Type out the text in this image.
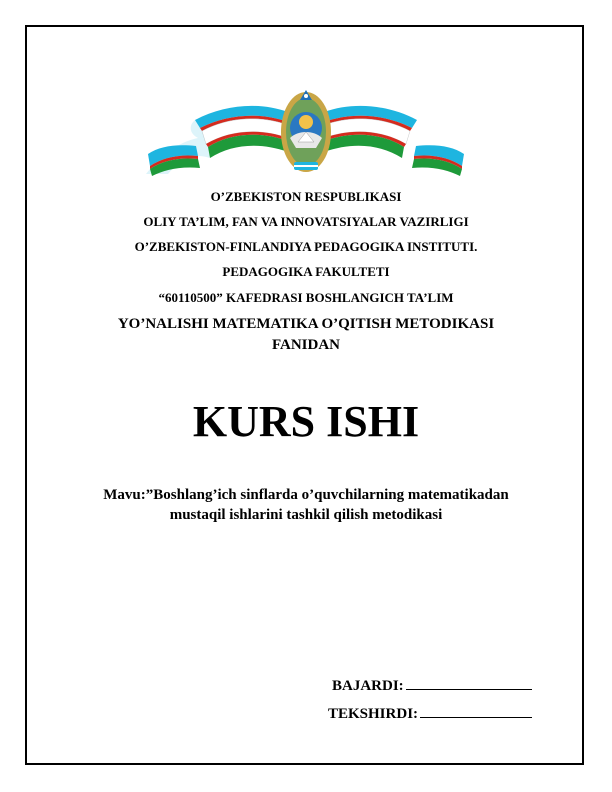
O’ZBEKISTON RESPUBLIKASI
OLIY TA’LIM, FAN VA INNOVATSIYALAR VAZIRLIGI
O’ZBEKISTON-FINLANDIYA PEDAGOGIKA INSTITUTI.
PEDAGOGIKA FAKULTETI
“60110500” KAFEDRASI BOSHLANGICH TA’LIM
YO’NALISHI MATEMATIKA O’QITISH METODIKASI
FANIDAN
KURS ISHI
Mavu:”Boshlang’ich sinflarda o’quvchilarning matematikadan
mustaqil ishlarini tashkil qilish metodikasi
BAJARDI:
TEKSHIRDI:
